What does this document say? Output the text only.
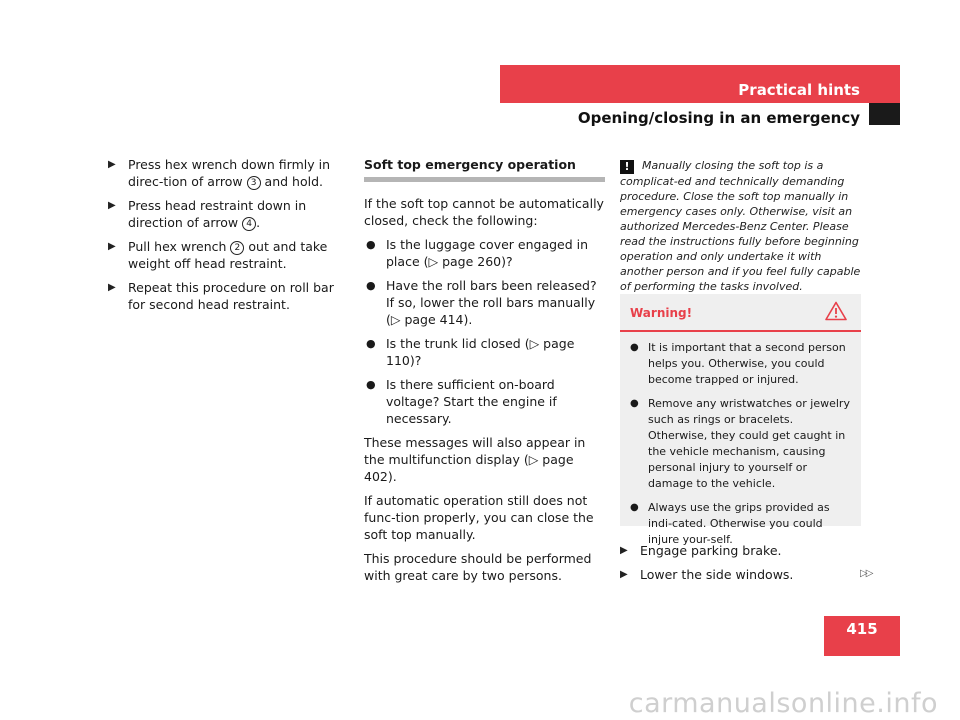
Practical hints
Opening/closing in an emergency
▶ Press hex wrench down firmly in direc-tion of arrow 3 and hold.
▶ Press head restraint down in direction of arrow 4 .
▶ Pull hex wrench 2 out and take weight off head restraint.
▶ Repeat this procedure on roll bar for second head restraint.
Soft top emergency operation

If the soft top cannot be automatically closed, check the following:

● Is the luggage cover engaged in place (▷ page 260)?
● Have the roll bars been released? If so, lower the roll bars manually (▷ page 414).
● Is the trunk lid closed (▷ page 110)?
● Is there sufficient on-board voltage? Start the engine if necessary.

These messages will also appear in the multifunction display (▷ page 402).

If automatic operation still does not func-tion properly, you can close the soft top manually.

This procedure should be performed with great care by two persons.

! Manually closing the soft top is a complicat-ed and technically demanding procedure. Close the soft top manually in emergency cases only. Otherwise, visit an authorized Mercedes-Benz Center. Please read the instructions fully before beginning operation and only undertake it with another person and if you feel fully capable of performing the tasks involved.
Warning!
● It is important that a second person helps you. Otherwise, you could become trapped or injured.
● Remove any wristwatches or jewelry such as rings or bracelets. Otherwise, they could get caught in the vehicle mechanism, causing personal injury to yourself or damage to the vehicle.
● Always use the grips provided as indi-cated. Otherwise you could injure your-self.
▶ Engage parking brake.
▶ Lower the side windows.	▷▷
415
carmanualsonline.info
